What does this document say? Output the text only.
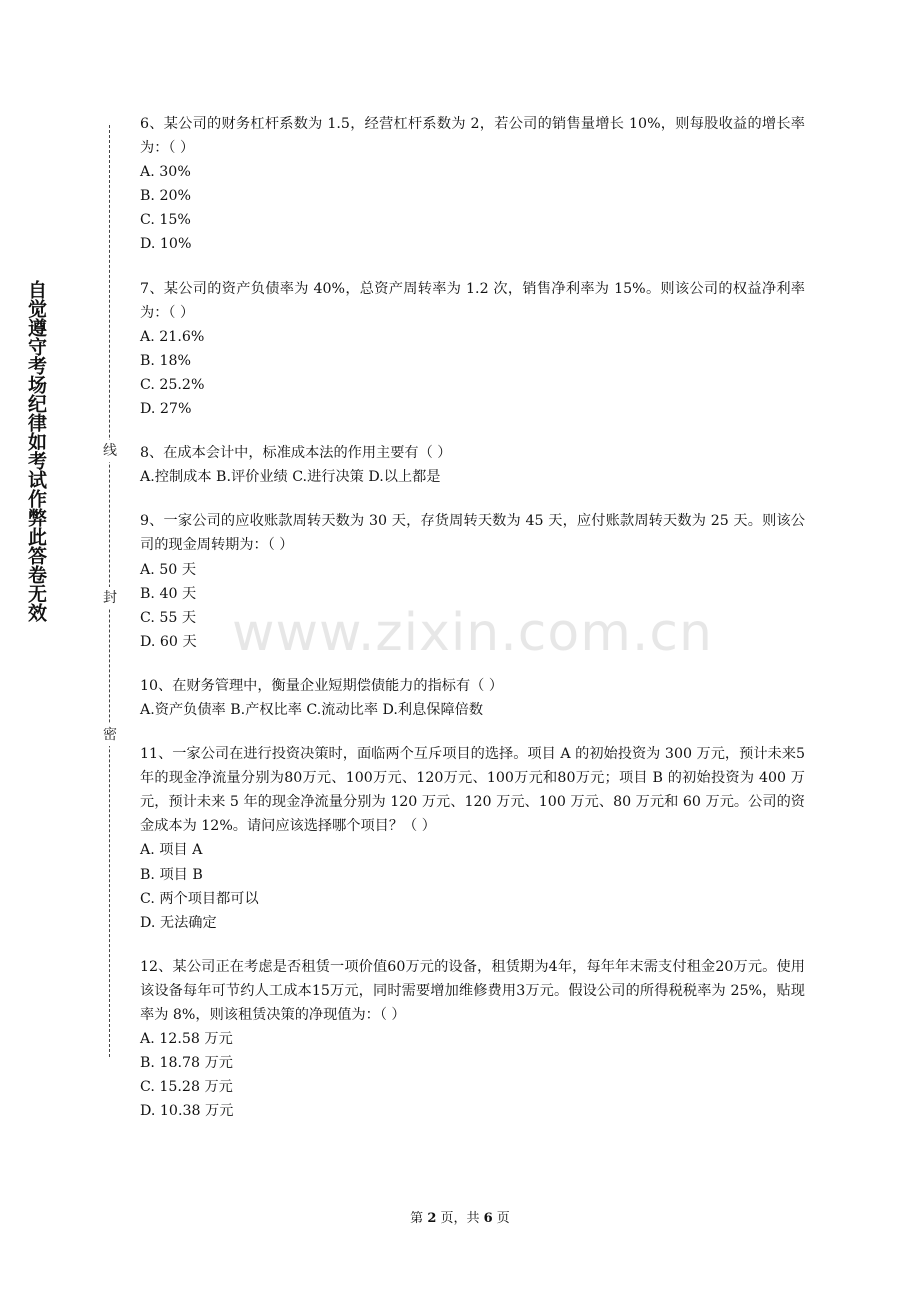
自觉遵守考场纪律如考试作弊此答卷无效	线
封
密
www.zixin.com.cn

6、某公司的财务杠杆系数为 1.5，经营杠杆系数为 2，若公司的销售量增长 10%，则每股收益的增长率为：（ ）

A. 30%

B. 20%

C. 15%

D. 10%

7、某公司的资产负债率为 40%，总资产周转率为 1.2 次，销售净利率为 15%。则该公司的权益净利率为：（ ）

A. 21.6%

B. 18%

C. 25.2%

D. 27%

8、在成本会计中，标准成本法的作用主要有（ ）

A.控制成本 B.评价业绩 C.进行决策 D.以上都是

9、一家公司的应收账款周转天数为 30 天，存货周转天数为 45 天，应付账款周转天数为 25 天。则该公司的现金周转期为：（ ）

A. 50 天

B. 40 天

C. 55 天

D. 60 天

10、在财务管理中，衡量企业短期偿债能力的指标有（ ）

A.资产负债率 B.产权比率 C.流动比率 D.利息保障倍数

11、一家公司在进行投资决策时，面临两个互斥项目的选择。项目 A 的初始投资为 300 万元，预计未来5年的现金净流量分别为80万元、100万元、120万元、100万元和80万元；项目 B 的初始投资为 400 万元，预计未来 5 年的现金净流量分别为 120 万元、120 万元、100 万元、80 万元和 60 万元。公司的资金成本为 12%。请问应该选择哪个项目？（ ）

A. 项目 A

B. 项目 B

C. 两个项目都可以

D. 无法确定

12、某公司正在考虑是否租赁一项价值60万元的设备，租赁期为4年，每年年末需支付租金20万元。使用该设备每年可节约人工成本15万元，同时需要增加维修费用3万元。假设公司的所得税税率为 25%，贴现率为 8%，则该租赁决策的净现值为：（ ）

A. 12.58 万元

B. 18.78 万元

C. 15.28 万元

D. 10.38 万元

第 2 页，共 6 页
